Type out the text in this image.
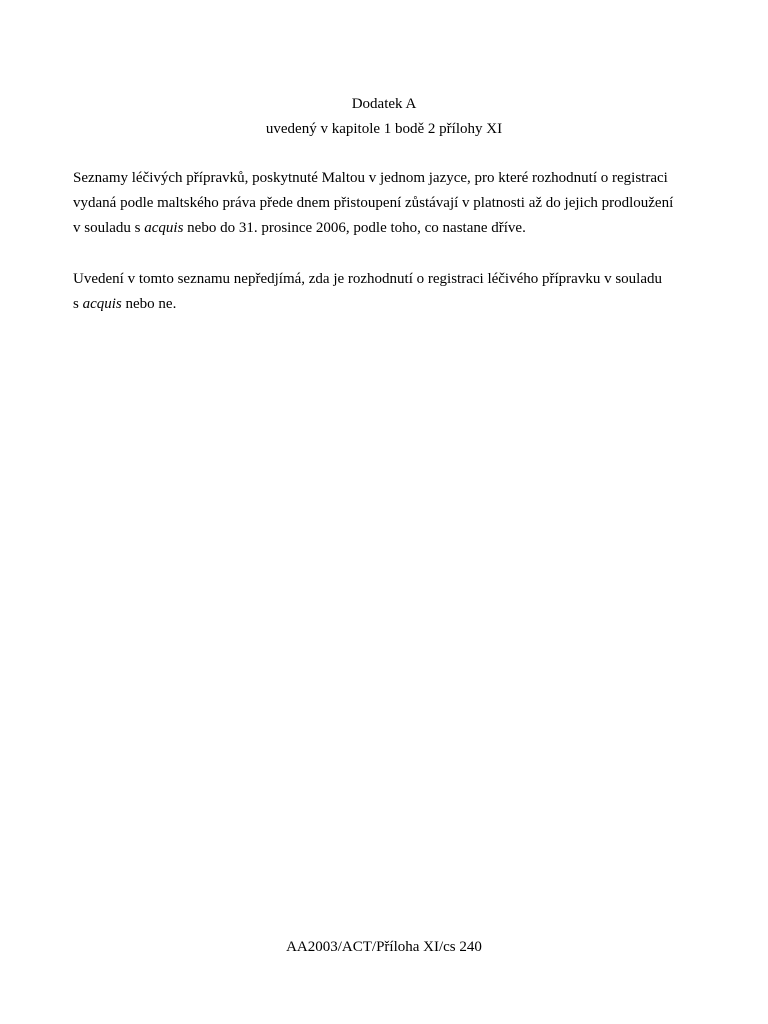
Dodatek A
uvedený v kapitole 1 bodě 2 přílohy XI
Seznamy léčivých přípravků, poskytnuté Maltou v jednom jazyce, pro které rozhodnutí o registraci
vydaná podle maltského práva přede dnem přistoupení zůstávají v platnosti až do jejich prodloužení
v souladu s acquis nebo do 31. prosince 2006, podle toho, co nastane dříve.
Uvedení v tomto seznamu nepředjímá, zda je rozhodnutí o registraci léčivého přípravku v souladu
s acquis nebo ne.
AA2003/ACT/Příloha XI/cs 240
